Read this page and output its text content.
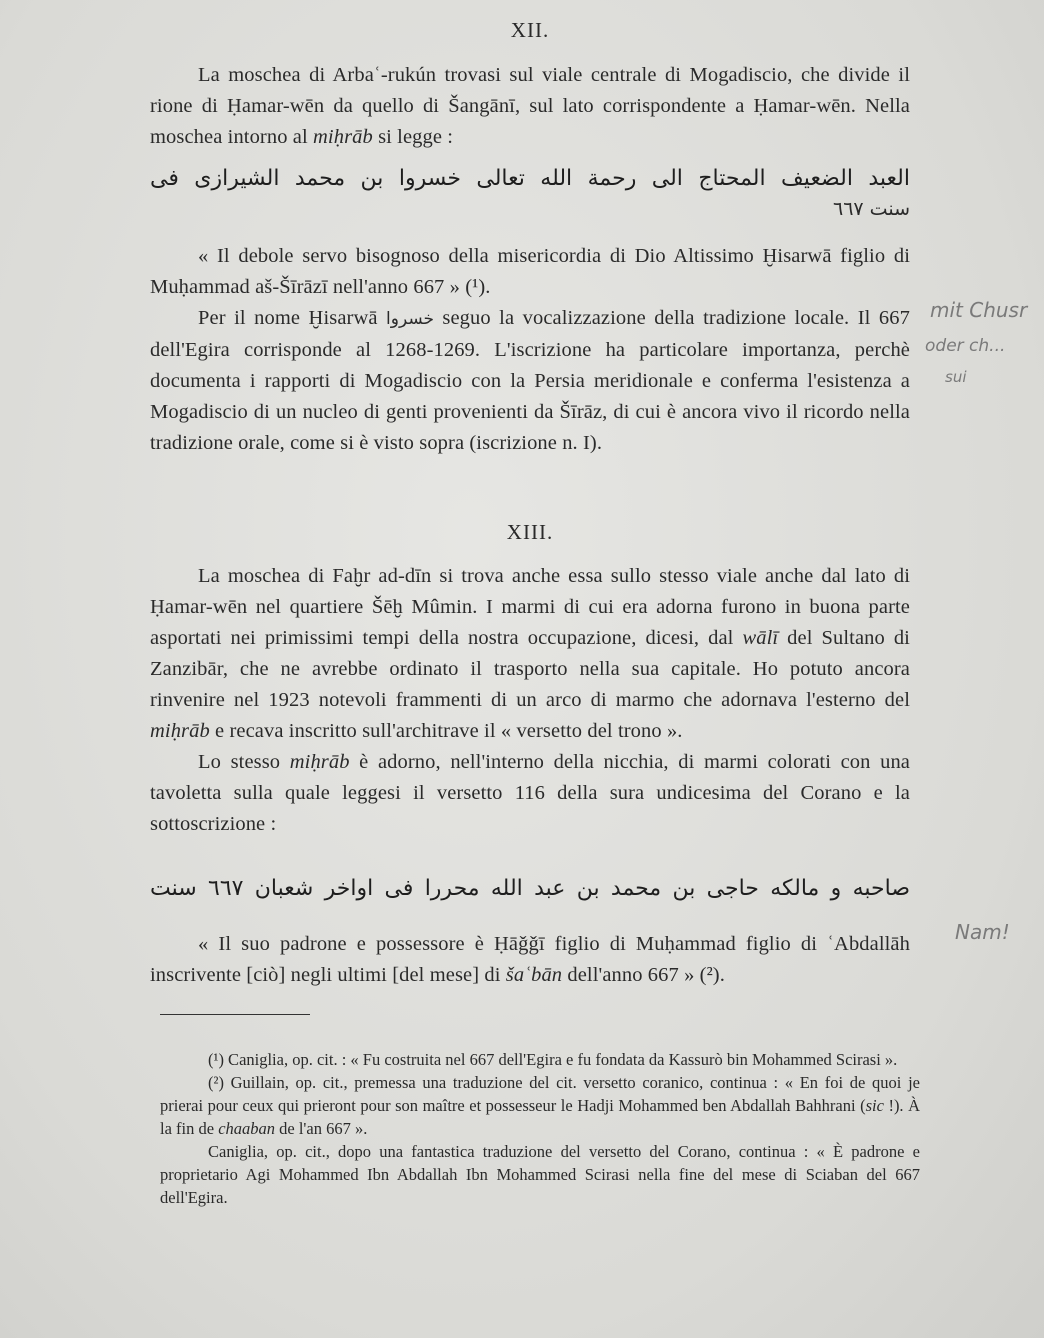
XII.

La moschea di Arbaʿ-rukún trovasi sul viale centrale di Mogadiscio, che divide il rione di Ḥamar-wēn da quello di Šangānī, sul lato corrispondente a Ḥamar-wēn. Nella moschea intorno al miḥrāb si legge :

العبد الضعيف المحتاج الى رحمة الله تعالى خسروا بن محمد الشيرازى فى
سنت ٦٦٧

« Il debole servo bisognoso della misericordia di Dio Altissimo Ḫisarwā figlio di Muḥammad aš-Šīrāzī nell'anno 667 » (¹).

Per il nome Ḫisarwā خسروا seguo la vocalizzazione della tradizione locale. Il 667 dell'Egira corrisponde al 1268-1269. L'iscrizione ha particolare importanza, perchè documenta i rapporti di Mogadiscio con la Persia meridionale e conferma l'esistenza a Mogadiscio di un nucleo di genti provenienti da Šīrāz, di cui è ancora vivo il ricordo nella tradizione orale, come si è visto sopra (iscrizione n. I).

XIII.

La moschea di Faḫr ad-dīn si trova anche essa sullo stesso viale anche dal lato di Ḥamar-wēn nel quartiere Šēḫ Mûmin. I marmi di cui era adorna furono in buona parte asportati nei primissimi tempi della nostra occupazione, dicesi, dal wālī del Sultano di Zanzibār, che ne avrebbe ordinato il trasporto nella sua capitale. Ho potuto ancora rinvenire nel 1923 notevoli frammenti di un arco di marmo che adornava l'esterno del miḥrāb e recava inscritto sull'architrave il « versetto del trono ».

Lo stesso miḥrāb è adorno, nell'interno della nicchia, di marmi colorati con una tavoletta sulla quale leggesi il versetto 116 della sura undicesima del Corano e la sottoscrizione :

صاحبه و مالكه حاجى بن محمد بن عبد الله محررا فى اواخر شعبان ٦٦٧ سنت

« Il suo padrone e possessore è Ḥāǧǧī figlio di Muḥammad figlio di ʿAbdallāh inscrivente [ciò] negli ultimi [del mese] di šaʿbān dell'anno 667 » (²).

(¹) Caniglia, op. cit. : « Fu costruita nel 667 dell'Egira e fu fondata da Kassurò bin Mohammed Scirasi ».

(²) Guillain, op. cit., premessa una traduzione del cit. versetto coranico, continua : « En foi de quoi je prierai pour ceux qui prieront pour son maître et possesseur le Hadji Mohammed ben Abdallah Bahhrani (sic !). À la fin de chaaban de l'an 667 ».

Caniglia, op. cit., dopo una fantastica traduzione del versetto del Corano, continua : « È padrone e proprietario Agi Mohammed Ibn Abdallah Ibn Mohammed Scirasi nella fine del mese di Sciaban del 667 dell'Egira.

mit Chusr
oder ch...
sui
Nam!
